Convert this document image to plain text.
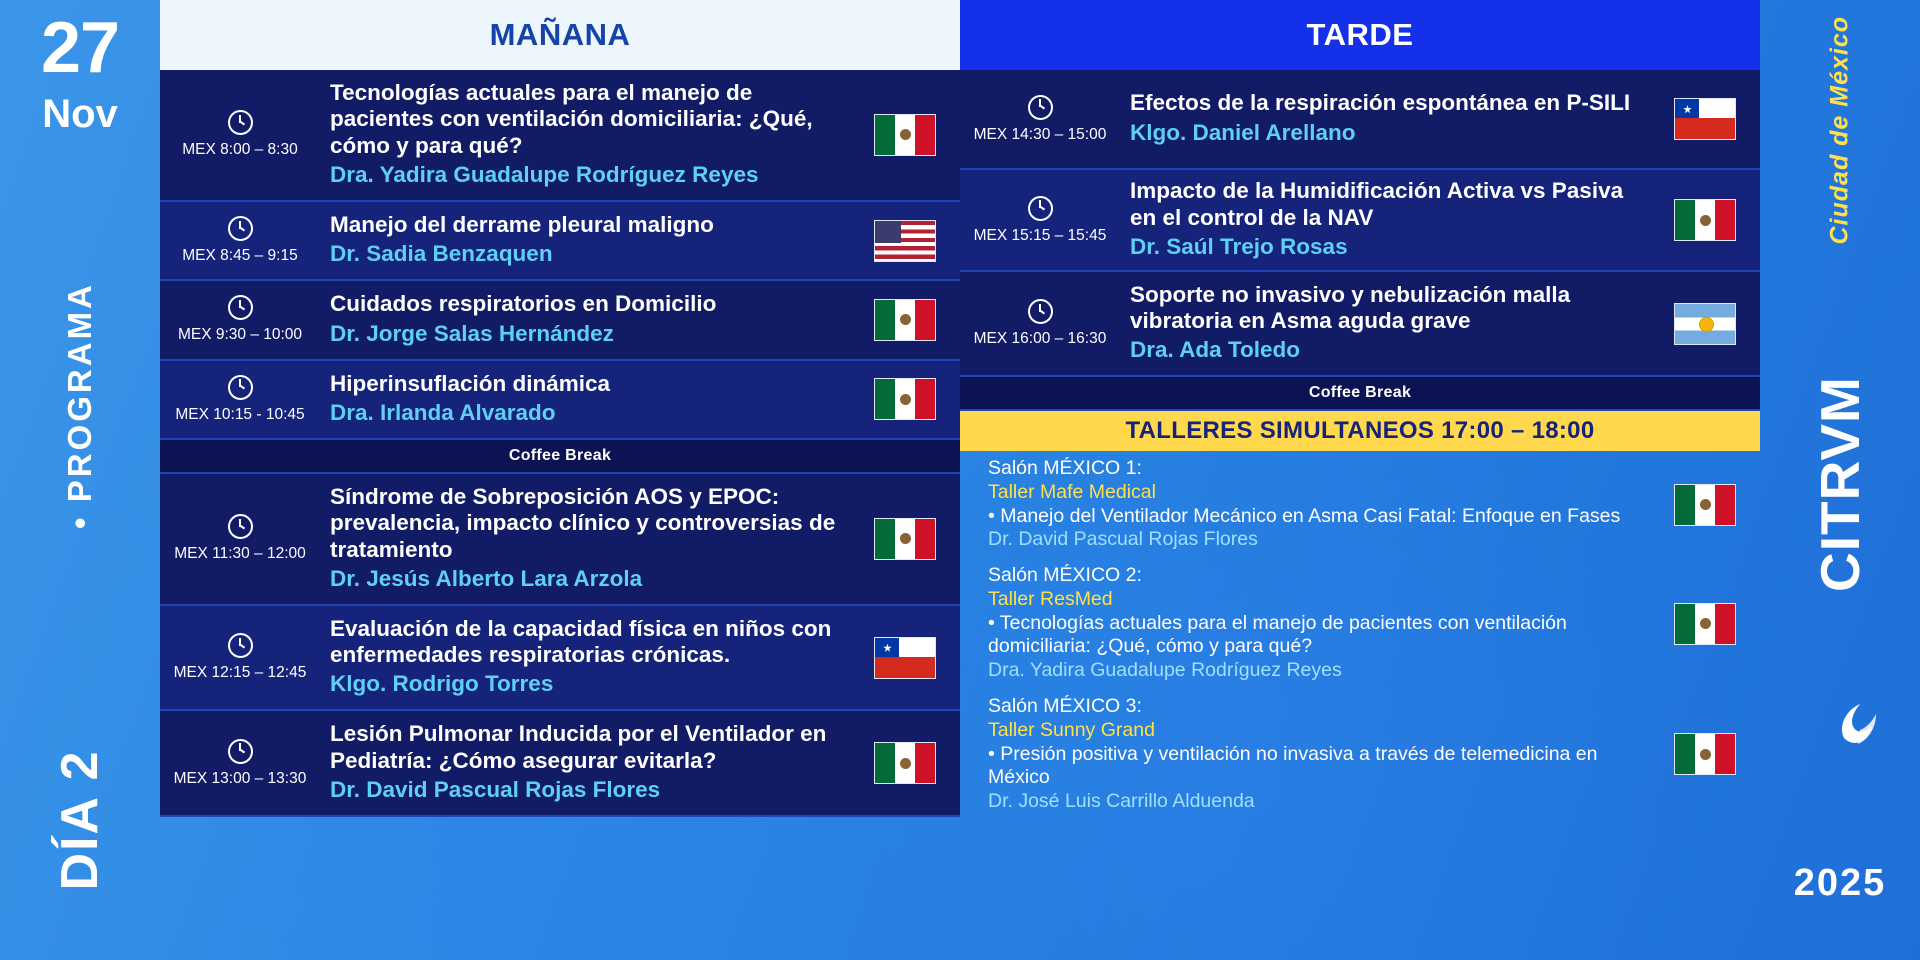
27
Nov
• PROGRAMA
DÍA 2
Ciudad de México
CITRVM
2025
MAÑANA
MEX 8:00 – 8:30
Tecnologías actuales para el manejo de pacientes con ventilación domiciliaria: ¿Qué, cómo y para qué?
Dra. Yadira Guadalupe Rodríguez Reyes
MEX 8:45 – 9:15
Manejo del derrame pleural maligno
Dr. Sadia Benzaquen
MEX 9:30 – 10:00
Cuidados respiratorios en Domicilio
Dr. Jorge Salas Hernández
MEX 10:15 - 10:45
Hiperinsuflación dinámica
Dra. Irlanda Alvarado
Coffee Break
MEX 11:30 – 12:00
Síndrome de Sobreposición AOS y EPOC: prevalencia, impacto clínico y controversias de tratamiento
Dr. Jesús Alberto Lara Arzola
MEX 12:15 – 12:45
Evaluación de la capacidad física en niños con enfermedades respiratorias crónicas.
Klgo. Rodrigo Torres
MEX 13:00 – 13:30
Lesión Pulmonar Inducida por el Ventilador en Pediatría: ¿Cómo asegurar evitarla?
Dr. David Pascual Rojas Flores
TARDE
MEX 14:30 – 15:00
Efectos de la respiración espontánea en P-SILI
Klgo. Daniel Arellano
MEX 15:15 – 15:45
Impacto de la Humidificación Activa vs Pasiva en el control de la NAV
Dr. Saúl Trejo Rosas
MEX 16:00 – 16:30
Soporte no invasivo y nebulización malla vibratoria en Asma aguda grave
Dra. Ada Toledo
Coffee Break
TALLERES SIMULTANEOS 17:00 – 18:00
Salón MÉXICO 1:
Taller Mafe Medical
• Manejo del Ventilador Mecánico en Asma Casi Fatal: Enfoque en Fases
Dr. David Pascual Rojas Flores
Salón MÉXICO 2:
Taller ResMed
• Tecnologías actuales para el manejo de pacientes con ventilación domiciliaria: ¿Qué, cómo y para qué?
Dra. Yadira Guadalupe Rodríguez Reyes
Salón MÉXICO 3:
Taller Sunny Grand
• Presión positiva y ventilación no invasiva a través de telemedicina en México
Dr. José Luis Carrillo Alduenda
